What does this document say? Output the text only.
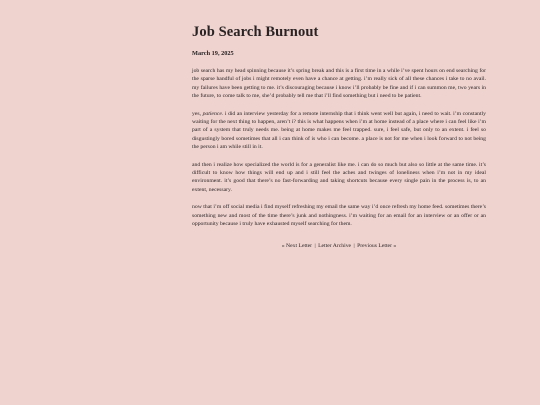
Job Search Burnout
March 19, 2025

job search has my head spinning because it’s spring break and this is a first time in a while i’ve spent hours on end searching for the sparse handful of jobs i might remotely even have a chance at getting. i’m really sick of all these chances i take to no avail. my failures have been getting to me. it’s discouraging because i know i’ll probably be fine and if i can summon me, two years in the future, to come talk to me, she’d probably tell me that i’ll find something but i need to be patient.

yes, patience. i did an interview yesterday for a remote internship that i think went well but again, i need to wait. i’m constantly waiting for the next thing to happen, aren’t i? this is what happens when i’m at home instead of a place where i can feel like i’m part of a system that truly needs me. being at home makes me feel trapped. sure, i feel safe, but only to an extent. i feel so disgustingly bored sometimes that all i can think of is who i can become. a place is not for me when i look forward to not being the person i am while still in it.

and then i realize how specialized the world is for a generalist like me. i can do so much but also so little at the same time. it’s difficult to know how things will end up and i still feel the aches and twinges of loneliness when i’m not in my ideal environment. it’s good that there’s no fast-forwarding and taking shortcuts because every single pain in the process is, to an extent, necessary.

now that i’m off social media i find myself refreshing my email the same way i’d once refresh my home feed. sometimes there’s something new and most of the time there’s junk and nothingness. i’m waiting for an email for an interview or an offer or an opportunity because i truly have exhausted myself searching for them.

« Next Letter | Letter Archive | Previous Letter »
